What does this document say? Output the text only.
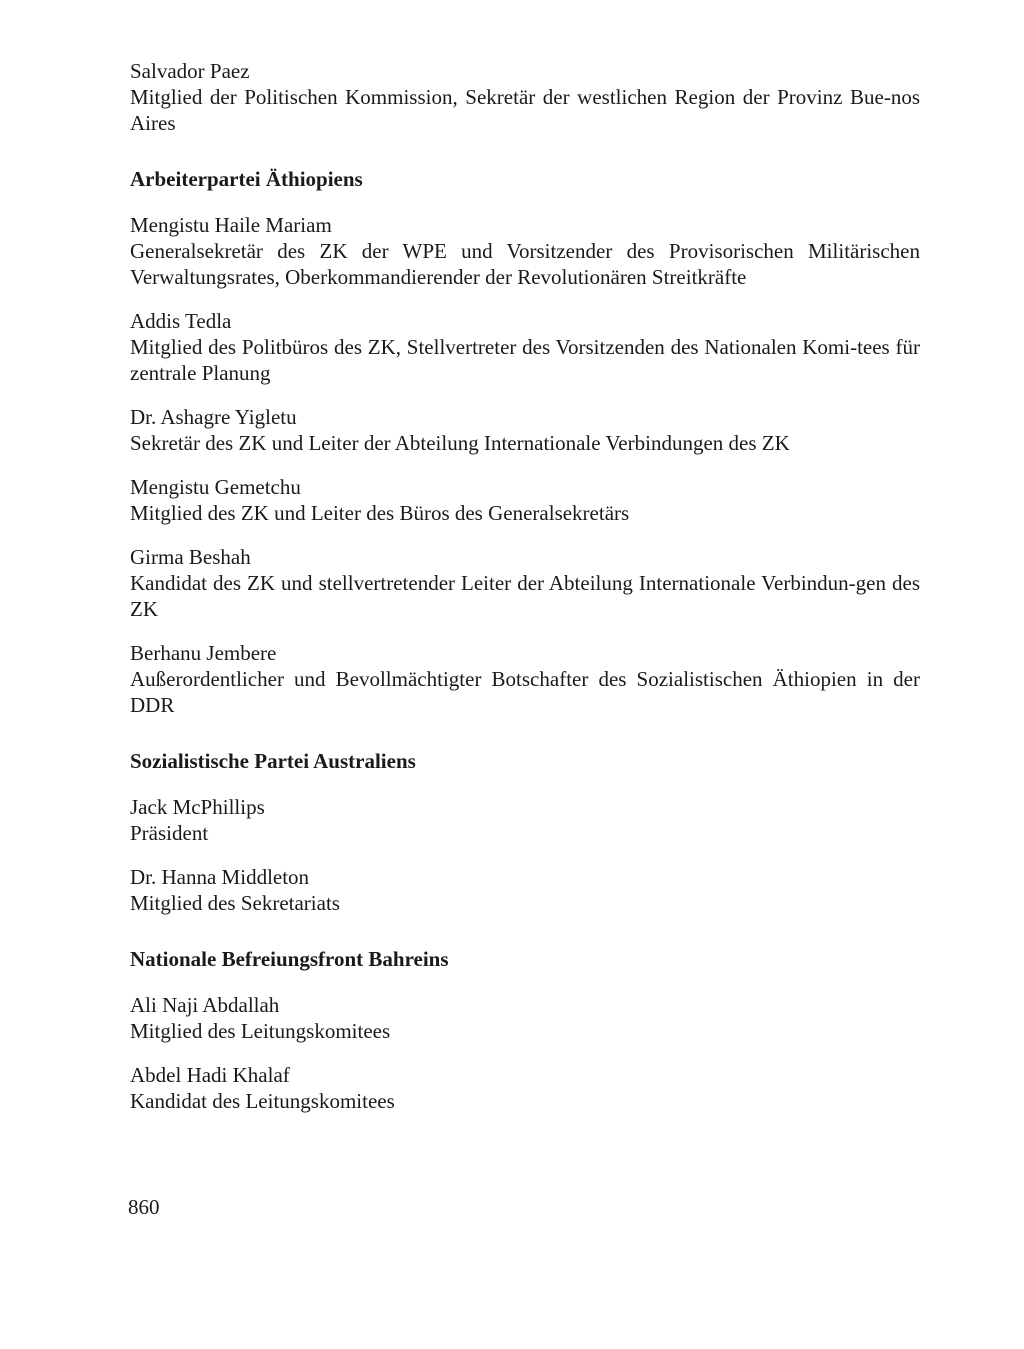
Salvador Paez

Mitglied der Politischen Kommission, Sekretär der westlichen Region der Provinz Bue-nos Aires

Arbeiterpartei Äthiopiens

Mengistu Haile Mariam

Generalsekretär des ZK der WPE und Vorsitzender des Provisorischen Militärischen Verwaltungsrates, Oberkommandierender der Revolutionären Streitkräfte

Addis Tedla

Mitglied des Politbüros des ZK, Stellvertreter des Vorsitzenden des Nationalen Komi-tees für zentrale Planung

Dr. Ashagre Yigletu

Sekretär des ZK und Leiter der Abteilung Internationale Verbindungen des ZK

Mengistu Gemetchu

Mitglied des ZK und Leiter des Büros des Generalsekretärs

Girma Beshah

Kandidat des ZK und stellvertretender Leiter der Abteilung Internationale Verbindun-gen des ZK

Berhanu Jembere

Außerordentlicher und Bevollmächtigter Botschafter des Sozialistischen Äthiopien in der DDR

Sozialistische Partei Australiens

Jack McPhillips

Präsident

Dr. Hanna Middleton

Mitglied des Sekretariats

Nationale Befreiungsfront Bahreins

Ali Naji Abdallah

Mitglied des Leitungskomitees

Abdel Hadi Khalaf

Kandidat des Leitungskomitees

860
